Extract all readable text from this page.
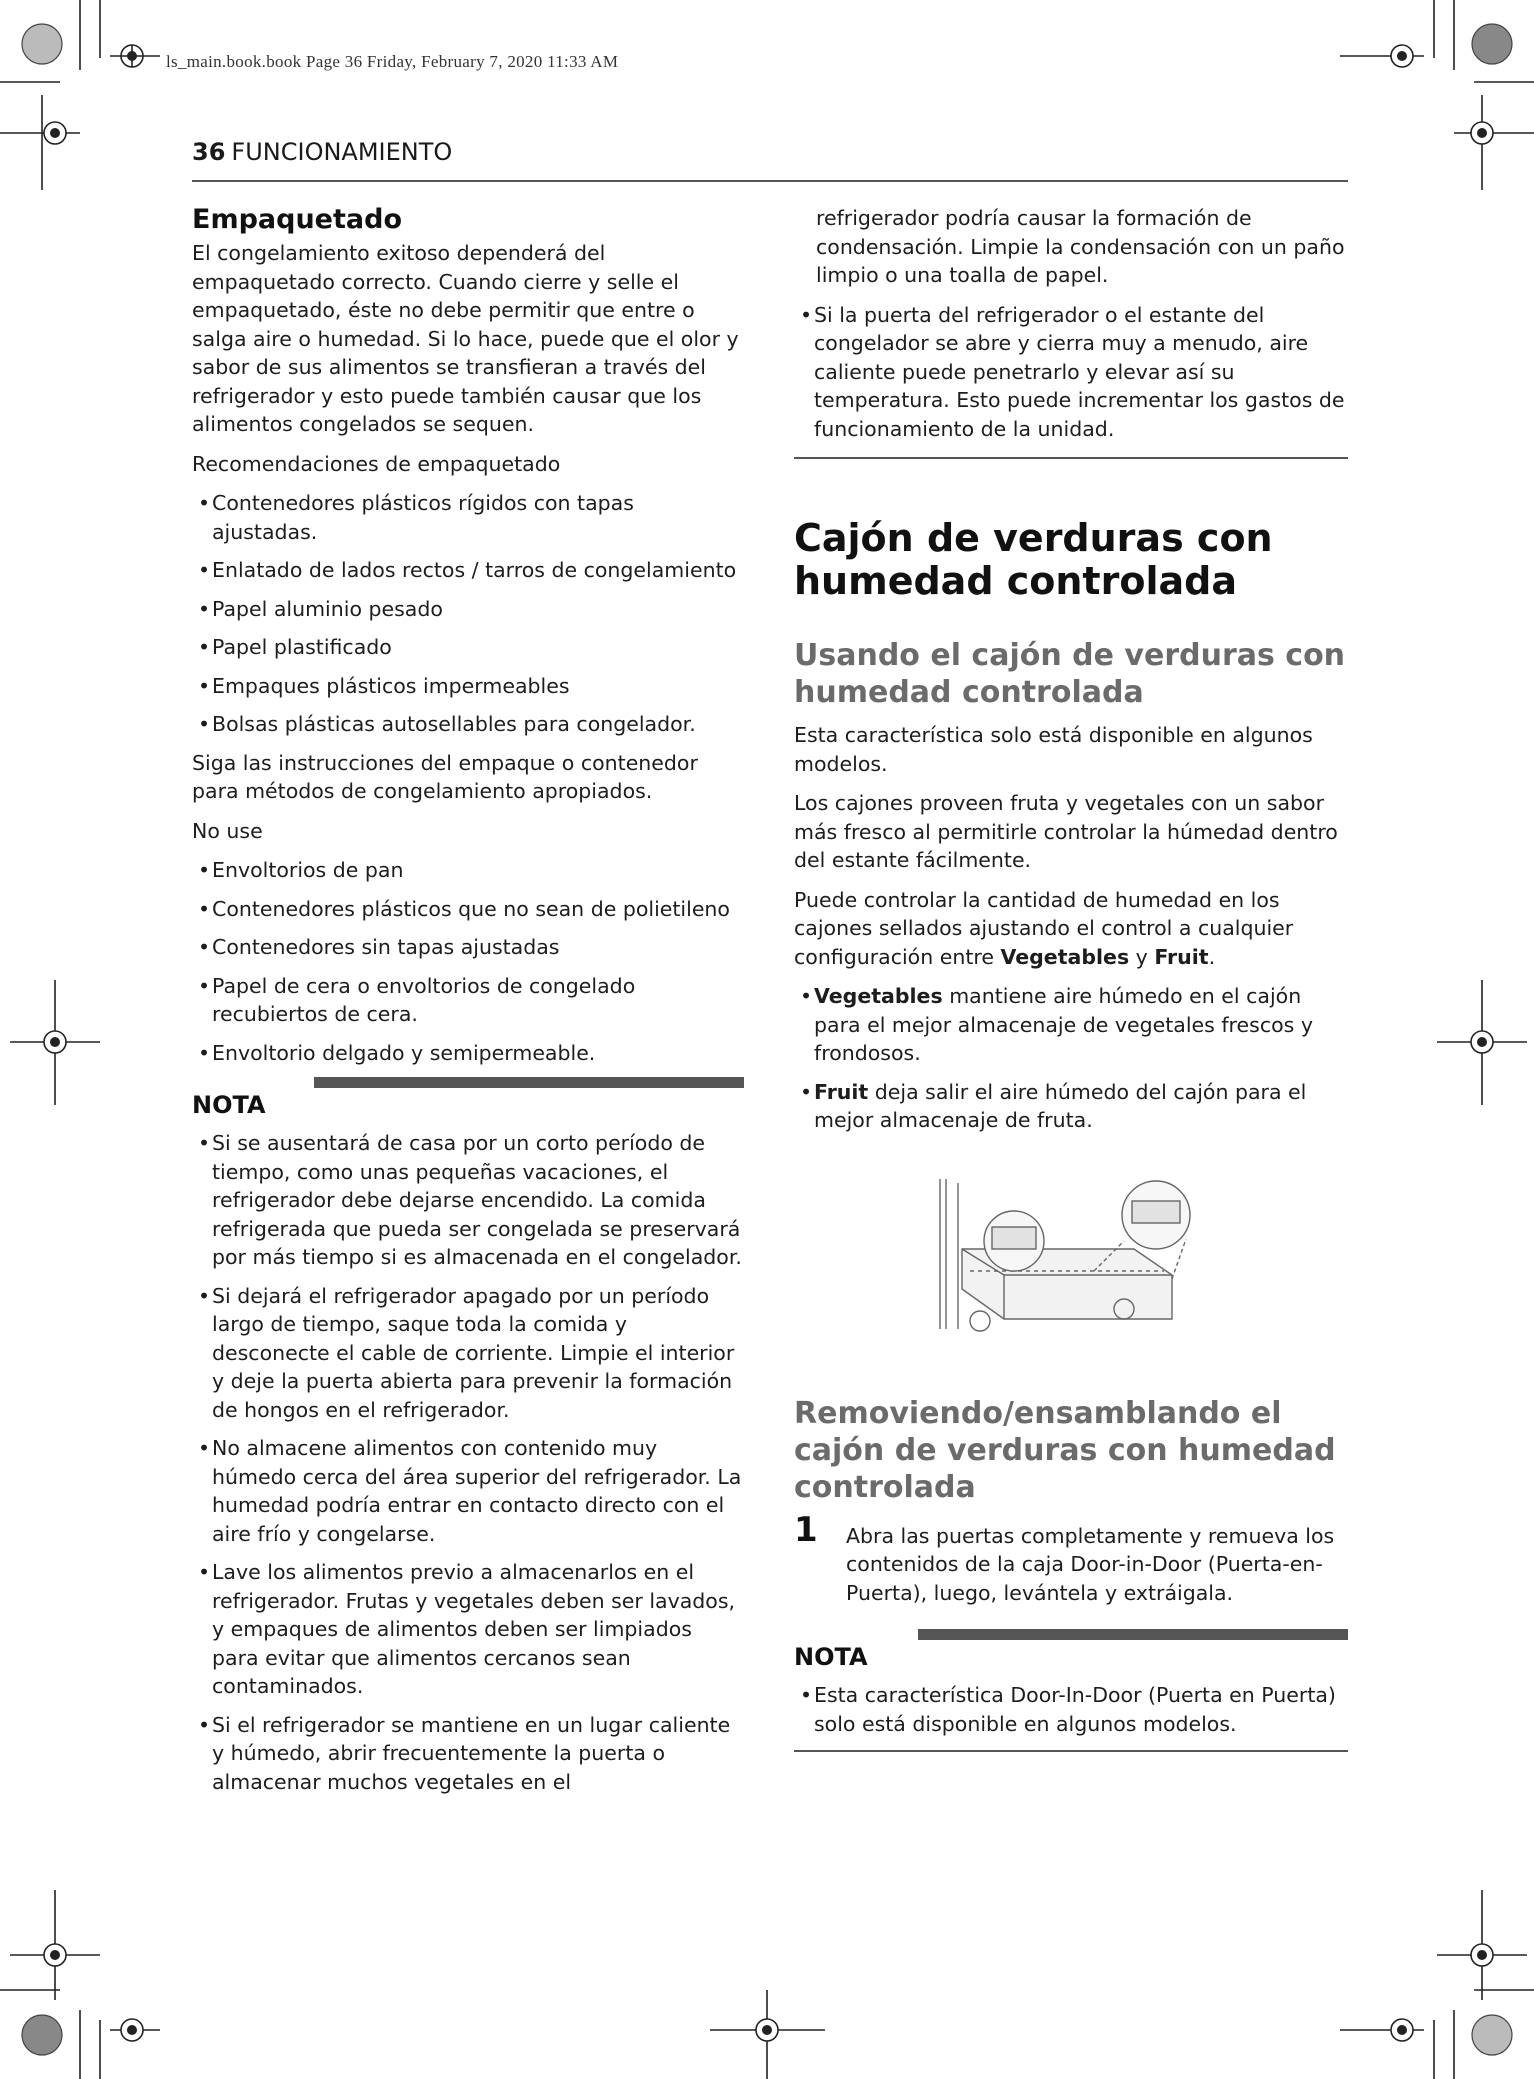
ls_main.book.book Page 36 Friday, February 7, 2020 11:33 AM
36 FUNCIONAMIENTO
Empaquetado

El congelamiento exitoso dependerá del empaquetado correcto. Cuando cierre y selle el empaquetado, éste no debe permitir que entre o salga aire o humedad. Si lo hace, puede que el olor y sabor de sus alimentos se transfieran a través del refrigerador y esto puede también causar que los alimentos congelados se sequen.

Recomendaciones de empaquetado

•Contenedores plásticos rígidos con tapas ajustadas.
•Enlatado de lados rectos / tarros de congelamiento
•Papel aluminio pesado
•Papel plastificado
•Empaques plásticos impermeables
•Bolsas plásticas autosellables para congelador.

Siga las instrucciones del empaque o contenedor para métodos de congelamiento apropiados.

No use

•Envoltorios de pan
•Contenedores plásticos que no sean de polietileno
•Contenedores sin tapas ajustadas
•Papel de cera o envoltorios de congelado recubiertos de cera.
•Envoltorio delgado y semipermeable.
NOTA
•Si se ausentará de casa por un corto período de tiempo, como unas pequeñas vacaciones, el refrigerador debe dejarse encendido. La comida refrigerada que pueda ser congelada se preservará por más tiempo si es almacenada en el congelador.
•Si dejará el refrigerador apagado por un período largo de tiempo, saque toda la comida y desconecte el cable de corriente. Limpie el interior y deje la puerta abierta para prevenir la formación de hongos en el refrigerador.
•No almacene alimentos con contenido muy húmedo cerca del área superior del refrigerador. La humedad podría entrar en contacto directo con el aire frío y congelarse.
•Lave los alimentos previo a almacenarlos en el refrigerador. Frutas y vegetales deben ser lavados, y empaques de alimentos deben ser limpiados para evitar que alimentos cercanos sean contaminados.
•Si el refrigerador se mantiene en un lugar caliente y húmedo, abrir frecuentemente la puerta o almacenar muchos vegetales en el

refrigerador podría causar la formación de condensación. Limpie la condensación con un paño limpio o una toalla de papel.

•Si la puerta del refrigerador o el estante del congelador se abre y cierra muy a menudo, aire caliente puede penetrarlo y elevar así su temperatura. Esto puede incrementar los gastos de funcionamiento de la unidad.
Cajón de verduras con humedad controlada
Usando el cajón de verduras con humedad controlada

Esta característica solo está disponible en algunos modelos.

Los cajones proveen fruta y vegetales con un sabor más fresco al permitirle controlar la húmedad dentro del estante fácilmente.

Puede controlar la cantidad de humedad en los cajones sellados ajustando el control a cualquier configuración entre Vegetables y Fruit.

•Vegetables mantiene aire húmedo en el cajón para el mejor almacenaje de vegetales frescos y frondosos.
•Fruit deja salir el aire húmedo del cajón para el mejor almacenaje de fruta.
Removiendo/ensamblando el cajón de verduras con humedad controlada
1 Abra las puertas completamente y remueva los contenidos de la caja Door-in-Door (Puerta-en-Puerta), luego, levántela y extráigala.
NOTA
•Esta característica Door-In-Door (Puerta en Puerta) solo está disponible en algunos modelos.
